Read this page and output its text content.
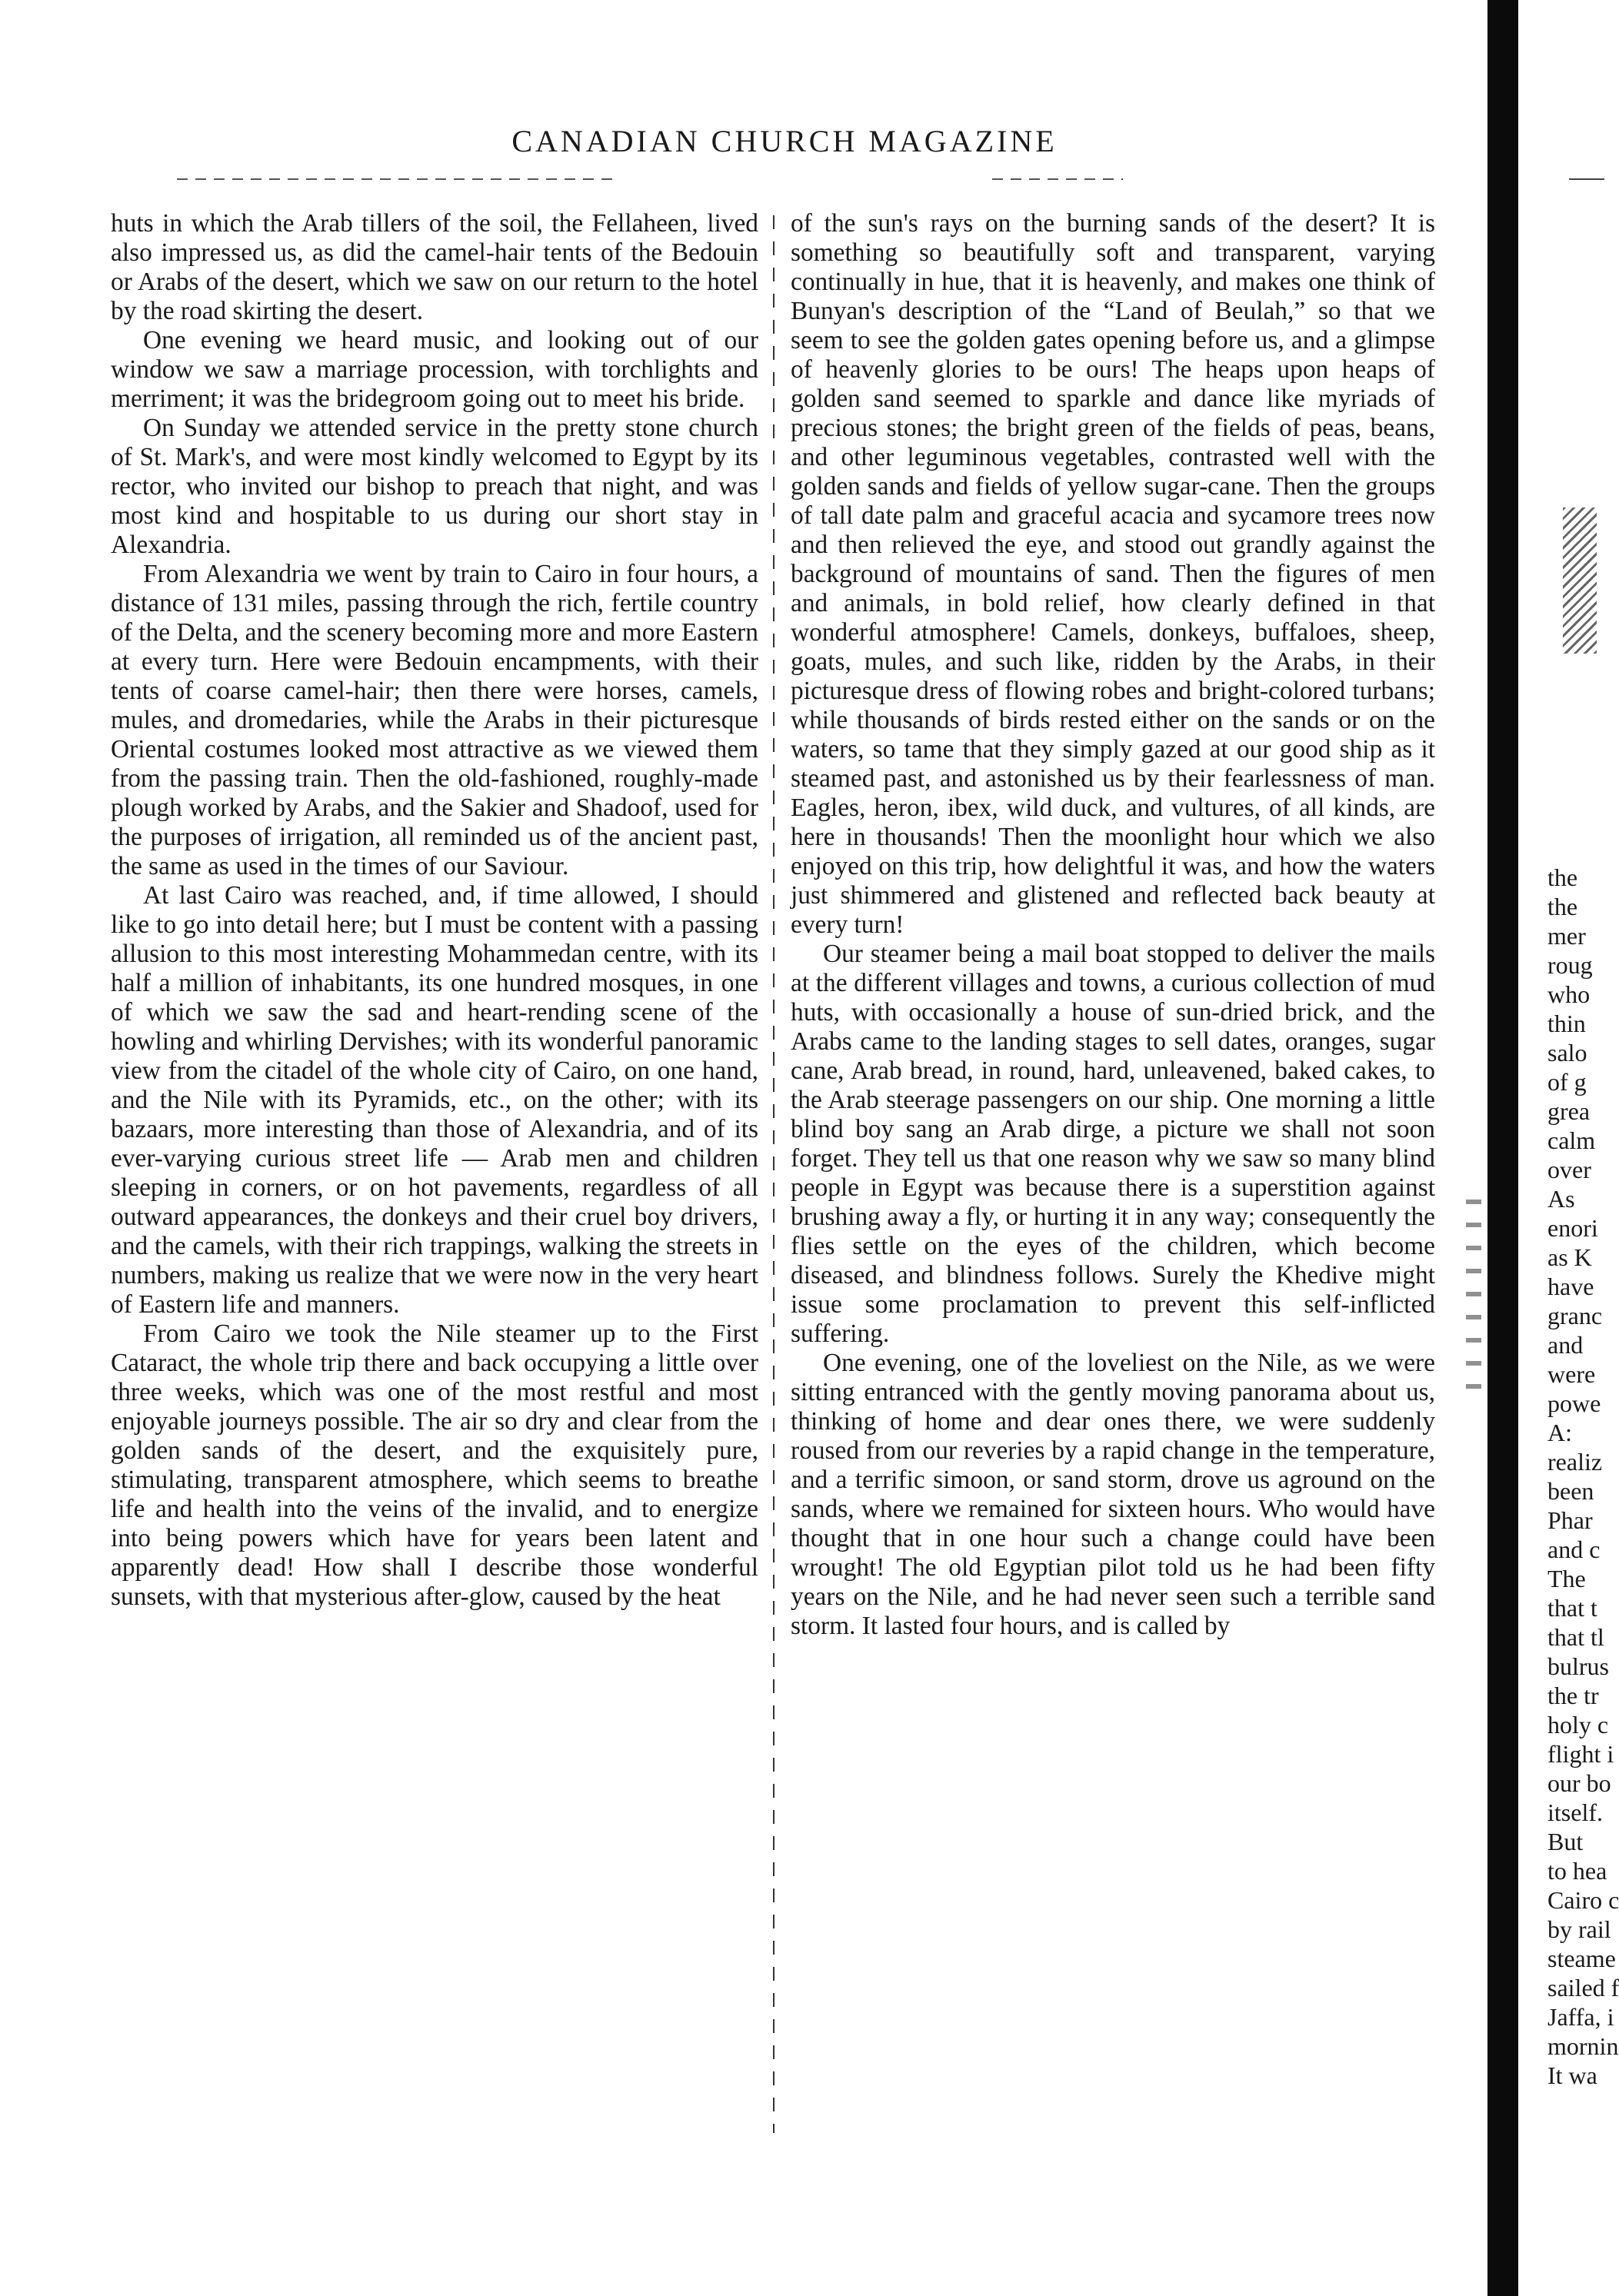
CANADIAN CHURCH MAGAZINE

huts in which the Arab tillers of the soil, the Fellaheen, lived also impressed us, as did the camel-hair tents of the Bedouin or Arabs of the desert, which we saw on our return to the hotel by the road skirting the desert.

One evening we heard music, and looking out of our window we saw a marriage procession, with torchlights and merriment; it was the bridegroom going out to meet his bride.

On Sunday we attended service in the pretty stone church of St. Mark's, and were most kindly welcomed to Egypt by its rector, who invited our bishop to preach that night, and was most kind and hospitable to us during our short stay in Alexandria.

From Alexandria we went by train to Cairo in four hours, a distance of 131 miles, passing through the rich, fertile country of the Delta, and the scenery becoming more and more Eastern at every turn. Here were Bedouin encampments, with their tents of coarse camel-hair; then there were horses, camels, mules, and dromedaries, while the Arabs in their picturesque Oriental costumes looked most attractive as we viewed them from the passing train. Then the old-fashioned, roughly-made plough worked by Arabs, and the Sakier and Shadoof, used for the purposes of irrigation, all reminded us of the ancient past, the same as used in the times of our Saviour.

At last Cairo was reached, and, if time allowed, I should like to go into detail here; but I must be content with a passing allusion to this most interesting Mohammedan centre, with its half a million of inhabitants, its one hundred mosques, in one of which we saw the sad and heart-rending scene of the howling and whirling Dervishes; with its wonderful panoramic view from the citadel of the whole city of Cairo, on one hand, and the Nile with its Pyramids, etc., on the other; with its bazaars, more interesting than those of Alexandria, and of its ever-varying curious street life — Arab men and children sleeping in corners, or on hot pavements, regardless of all outward appearances, the donkeys and their cruel boy drivers, and the camels, with their rich trappings, walking the streets in numbers, making us realize that we were now in the very heart of Eastern life and manners.

From Cairo we took the Nile steamer up to the First Cataract, the whole trip there and back occupying a little over three weeks, which was one of the most restful and most enjoyable journeys possible. The air so dry and clear from the golden sands of the desert, and the exquisitely pure, stimulating, transparent atmosphere, which seems to breathe life and health into the veins of the invalid, and to energize into being powers which have for years been latent and apparently dead! How shall I describe those wonderful sunsets, with that mysterious after-glow, caused by the heat

of the sun's rays on the burning sands of the desert? It is something so beautifully soft and transparent, varying continually in hue, that it is heavenly, and makes one think of Bunyan's description of the “Land of Beulah,” so that we seem to see the golden gates opening before us, and a glimpse of heavenly glories to be ours! The heaps upon heaps of golden sand seemed to sparkle and dance like myriads of precious stones; the bright green of the fields of peas, beans, and other leguminous vegetables, contrasted well with the golden sands and fields of yellow sugar-cane. Then the groups of tall date palm and graceful acacia and sycamore trees now and then relieved the eye, and stood out grandly against the background of mountains of sand. Then the figures of men and animals, in bold relief, how clearly defined in that wonderful atmosphere! Camels, donkeys, buffaloes, sheep, goats, mules, and such like, ridden by the Arabs, in their picturesque dress of flowing robes and bright-colored turbans; while thousands of birds rested either on the sands or on the waters, so tame that they simply gazed at our good ship as it steamed past, and astonished us by their fearlessness of man. Eagles, heron, ibex, wild duck, and vultures, of all kinds, are here in thousands! Then the moonlight hour which we also enjoyed on this trip, how delightful it was, and how the waters just shimmered and glistened and reflected back beauty at every turn!

Our steamer being a mail boat stopped to deliver the mails at the different villages and towns, a curious collection of mud huts, with occasionally a house of sun-dried brick, and the Arabs came to the landing stages to sell dates, oranges, sugar cane, Arab bread, in round, hard, unleavened, baked cakes, to the Arab steerage passengers on our ship. One morning a little blind boy sang an Arab dirge, a picture we shall not soon forget. They tell us that one reason why we saw so many blind people in Egypt was because there is a superstition against brushing away a fly, or hurting it in any way; consequently the flies settle on the eyes of the children, which become diseased, and blindness follows. Surely the Khedive might issue some proclamation to prevent this self-inflicted suffering.

One evening, one of the loveliest on the Nile, as we were sitting entranced with the gently moving panorama about us, thinking of home and dear ones there, we were suddenly roused from our reveries by a rapid change in the temperature, and a terrific simoon, or sand storm, drove us aground on the sands, where we remained for sixteen hours. Who would have thought that in one hour such a change could have been wrought! The old Egyptian pilot told us he had been fifty years on the Nile, and he had never seen such a terrible sand storm. It lasted four hours, and is called by

the
the
mer
roug
who
thin
salo
of g
grea
calm
over
As
enori
as K
have
granc
and
were
powe
A:
realiz
been
Phar
and c
The
that t
that tl
bulrus
the tr
holy c
flight i
our bo
itself.
But
to hea
Cairo c
by rail
steame
sailed f
Jaffa, i
mornin
It wa
